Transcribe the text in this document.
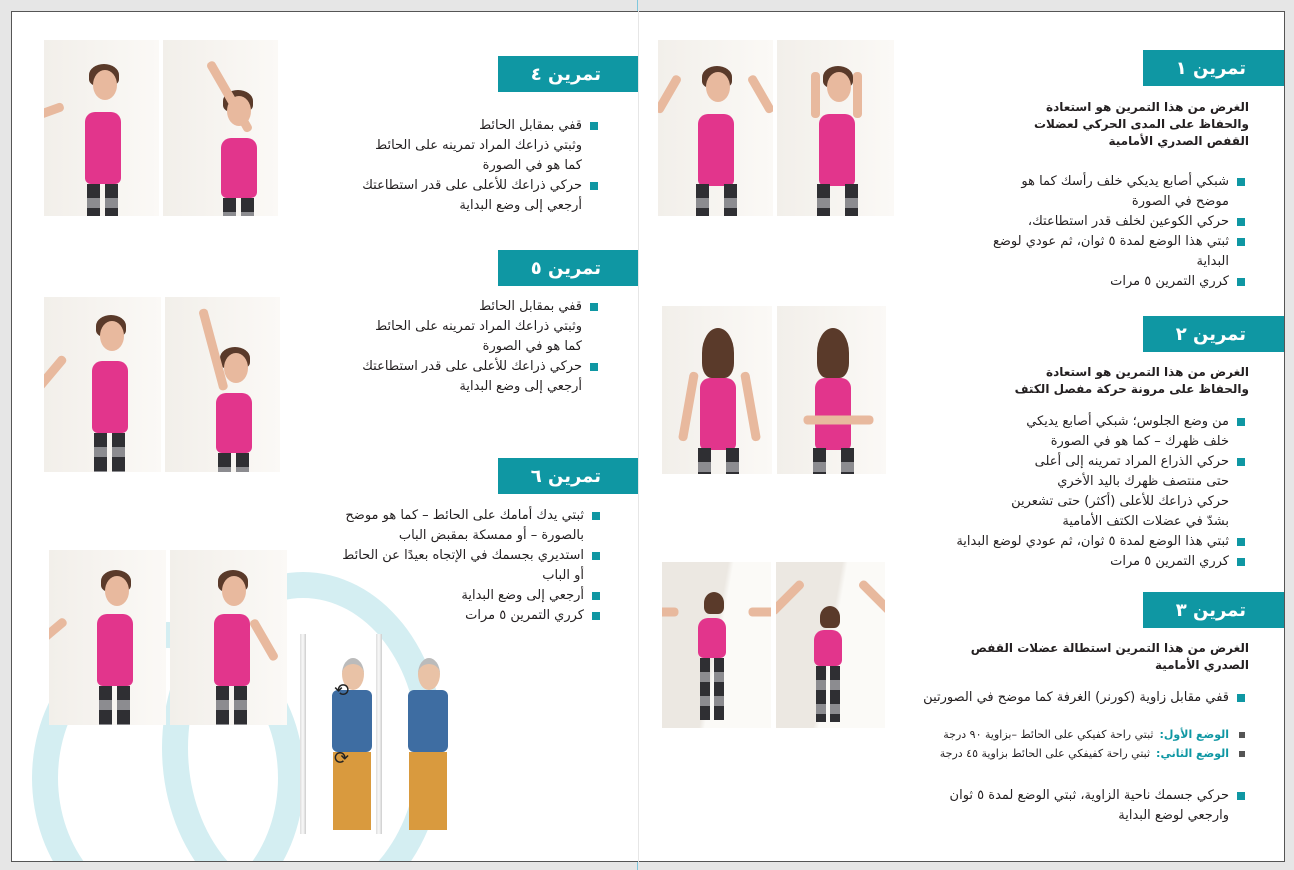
تمرين ٤
قفي بمقابل الحائط
وثبتي ذراعك المراد تمرينه على الحائط
كما هو في الصورة
حركي ذراعك للأعلى على قدر استطاعتك
أرجعي إلى وضع البداية
تمرين ٥
قفي بمقابل الحائط
وثبتي ذراعك المراد تمرينه على الحائط
كما هو في الصورة
حركي ذراعك للأعلى على قدر استطاعتك
أرجعي إلى وضع البداية
تمرين ٦
ثبتي يدك أمامك على الحائط – كما هو موضح
بالصورة – أو ممسكة بمقبض الباب
استديري بجسمك في الإتجاه بعيدًا عن الحائط
أو الباب
أرجعي إلى وضع البداية
كرري التمرين ٥ مرات
⟲
⟳
تمرين ١
الغرض من هذا التمرين هو استعادة
والحفاظ على المدى الحركي لعضلات
القفص الصدري الأمامية
شبكي أصابع يديكي خلف رأسك كما هو
موضح في الصورة
حركي الكوعين لخلف قدر استطاعتك،
ثبتي هذا الوضع لمدة ٥ ثوان، ثم عودي لوضع
البداية
كرري التمرين ٥ مرات
تمرين ٢
الغرض من هذا التمرين هو استعادة
والحفاظ على مرونة حركة مفصل الكتف
من وضع الجلوس؛ شبكي أصابع يديكي
خلف ظهرك – كما هو في الصورة
حركي الذراع المراد تمرينه إلى أعلى
حتى منتصف ظهرك باليد الأخري
حركي ذراعك للأعلى (أكثر) حتى تشعرين
بشدّ في عضلات الكتف الأمامية
ثبتي هذا الوضع لمدة ٥ ثوان، ثم عودي لوضع البداية
كرري التمرين ٥ مرات
تمرين ٣
الغرض من هذا التمرين استطالة عضلات القفص
الصدري الأمامية
قفي مقابل زاوية (كورنر) الغرفة كما موضح في الصورتين
الوضع الأول:ثبتي راحة كفيكي على الحائط –بزاوية ٩٠ درجة
الوضع الثاني:ثبتي راحة كفيفكي على الحائط بزاوية ٤٥ درجة
حركي جسمك ناحية الزاوية، ثبتي الوضع لمدة ٥ ثوان
وارجعي لوضع البداية
